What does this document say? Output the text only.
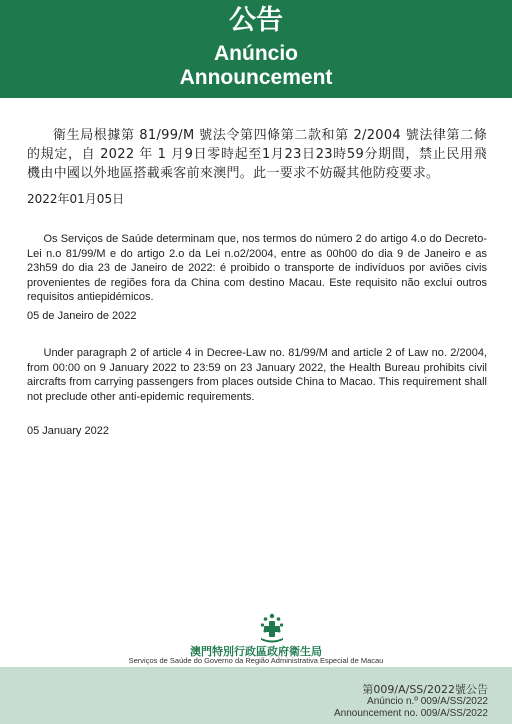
公告
Anúncio
Announcement
衛生局根據第 81/99/M 號法令第四條第二款和第 2/2004 號法律第二條的規定，自 2022 年 1 月9日零時起至1月23日23時59分期間，禁止民用飛機由中國以外地區搭載乘客前來澳門。此一要求不妨礙其他防疫要求。
2022年01月05日
Os Serviços de Saúde determinam que, nos termos do número 2 do artigo 4.o do Decreto-Lei n.o 81/99/M e do artigo 2.o da Lei n.o2/2004, entre as 00h00 do dia 9 de Janeiro e as 23h59 do dia 23 de Janeiro de 2022: é proibido o transporte de indivíduos por aviões civis provenientes de regiões fora da China com destino Macau. Este requisito não exclui outros requisitos antiepidémicos.
05 de Janeiro de 2022
Under paragraph 2 of article 4 in Decree-Law no. 81/99/M and article 2 of Law no. 2/2004, from 00:00 on 9 January 2022 to 23:59 on 23 January 2022, the Health Bureau prohibits civil aircrafts from carrying passengers from places outside China to Macao. This requirement shall not preclude other anti-epidemic requirements.
05 January 2022
澳門特別行政區政府衛生局
Serviços de Saúde do Governo da Região Administrativa Especial de Macau
第009/A/SS/2022號公告
Anúncio n.º 009/A/SS/2022
Announcement no. 009/A/SS/2022
